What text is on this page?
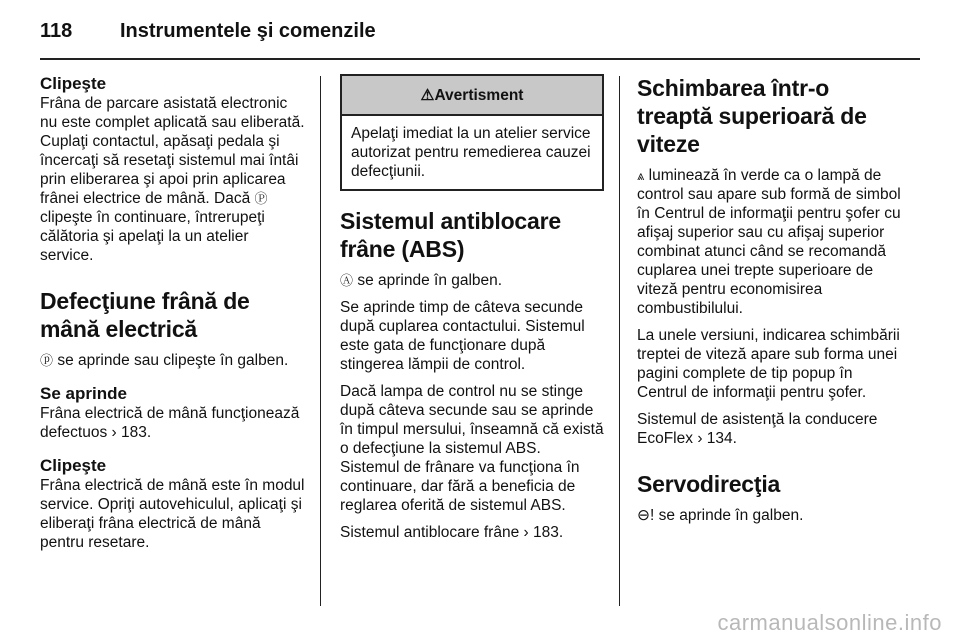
118 Instrumentele şi comenzile
Clipeşte

Frâna de parcare asistată electronic nu este complet aplicată sau eliberată. Cuplaţi contactul, apăsaţi pedala şi încercaţi să resetaţi sistemul mai întâi prin eliberarea şi apoi prin aplicarea frânei electrice de mână. Dacă Ⓟ clipeşte în continuare, întrerupeţi călătoria şi apelaţi la un atelier service.

Defecţiune frână de mână electrică

ⓟ se aprinde sau clipeşte în galben.

Se aprinde

Frâna electrică de mână funcţionează defectuos › 183.

Clipeşte

Frâna electrică de mână este în modul service. Opriţi autovehiculul, aplicaţi şi eliberaţi frâna electrică de mână pentru resetare.

⚠ Avertisment
Apelaţi imediat la un atelier service autorizat pentru remedierea cauzei defecţiunii.
Sistemul antiblocare frâne (ABS)

Ⓐ se aprinde în galben.

Se aprinde timp de câteva secunde după cuplarea contactului. Sistemul este gata de funcţionare după stingerea lămpii de control.

Dacă lampa de control nu se stinge după câteva secunde sau se aprinde în timpul mersului, înseamnă că există o defecţiune la sistemul ABS. Sistemul de frânare va funcţiona în continuare, dar fără a beneficia de reglarea oferită de sistemul ABS.

Sistemul antiblocare frâne › 183.

Schimbarea într-o treaptă superioară de viteze

⩓ luminează în verde ca o lampă de control sau apare sub formă de simbol în Centrul de informaţii pentru şofer cu afişaj superior sau cu afişaj superior combinat atunci când se recomandă cuplarea unei trepte superioare de viteză pentru economisirea combustibilului.

La unele versiuni, indicarea schimbării treptei de viteză apare sub forma unei pagini complete de tip popup în Centrul de informaţii pentru şofer.

Sistemul de asistenţă la conducere EcoFlex › 134.

Servodirecţia

⊖! se aprinde în galben.

carmanualsonline.info
